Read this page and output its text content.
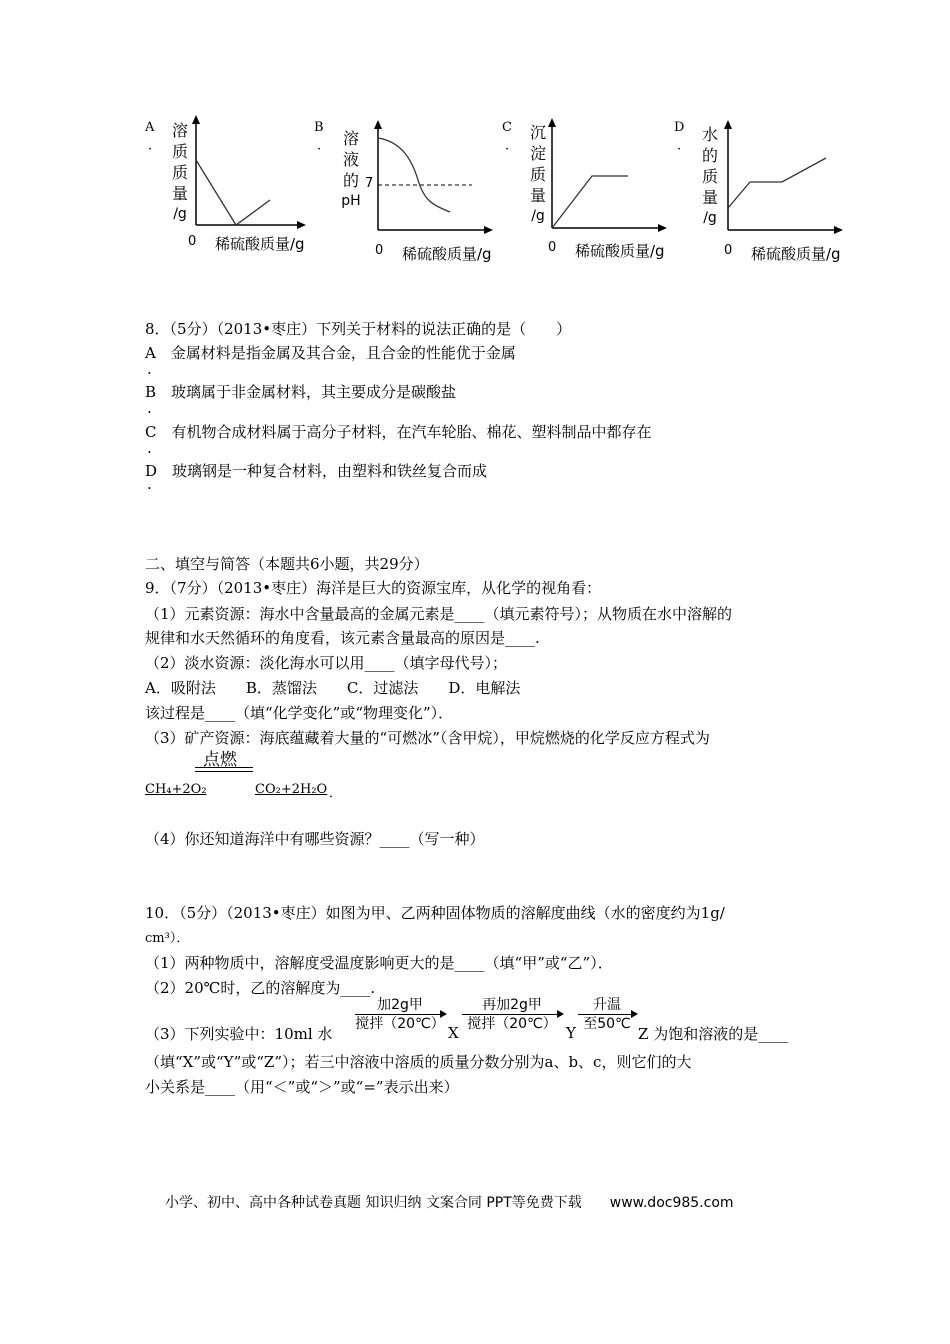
A
·
溶
质
质
量
/g
0 稀硫酸质量/g
B
·
溶
液
的
pH
7
0 稀硫酸质量/g
C
·
沉
淀
质
量
/g
0 稀硫酸质量/g
D
·
水
的
质
量
/g
0 稀硫酸质量/g
8．（5分）（2013•枣庄）下列关于材料的说法正确的是（　　）
A　 金属材料是指金属及其合金，且合金的性能优于金属
.
B　 玻璃属于非金属材料，其主要成分是碳酸盐
.
C　 有机物合成材料属于高分子材料，在汽车轮胎、棉花、塑料制品中都存在
.
D　 玻璃钢是一种复合材料，由塑料和铁丝复合而成
·
二、填空与简答（本题共6小题，共29分）
9．（7分）（2013•枣庄）海洋是巨大的资源宝库，从化学的视角看：
（1）元素资源：海水中含量最高的金属元素是____（填元素符号）；从物质在水中溶解的
规律和水天然循环的角度看，该元素含量最高的原因是____.
（2）淡水资源：淡化海水可以用____（填字母代号）；
A．吸附法　　B．蒸馏法　　C．过滤法　　D．电解法
该过程是____（填“化学变化”或“物理变化”）．
（3）矿产资源：海底蕴藏着大量的“可燃冰”（含甲烷），甲烷燃烧的化学反应方程式为
点燃
CH₄+2O₂	CO₂+2H₂O ．
（4）你还知道海洋中有哪些资源？____（写一种）
10．（5分）（2013•枣庄）如图为甲、乙两种固体物质的溶解度曲线（水的密度约为1g/
cm³）．
（1）两种物质中，溶解度受温度影响更大的是____（填“甲”或“乙”）．
（2）20℃时，乙的溶解度为____.
（3）下列实验中：10ml 水
加2g甲
搅拌（20℃） X
再加2g甲
搅拌（20℃） Y
升温
至50℃
Z 为饱和溶液的是____
（填“X”或“Y”或“Z”）；若三中溶液中溶质的质量分数分别为a、b、c，则它们的大
小关系是____（用“＜”或“＞”或“=”表示出来）
小学、初中、高中各种试卷真题 知识归纳 文案合同 PPT等免费下载　　www.doc985.com
